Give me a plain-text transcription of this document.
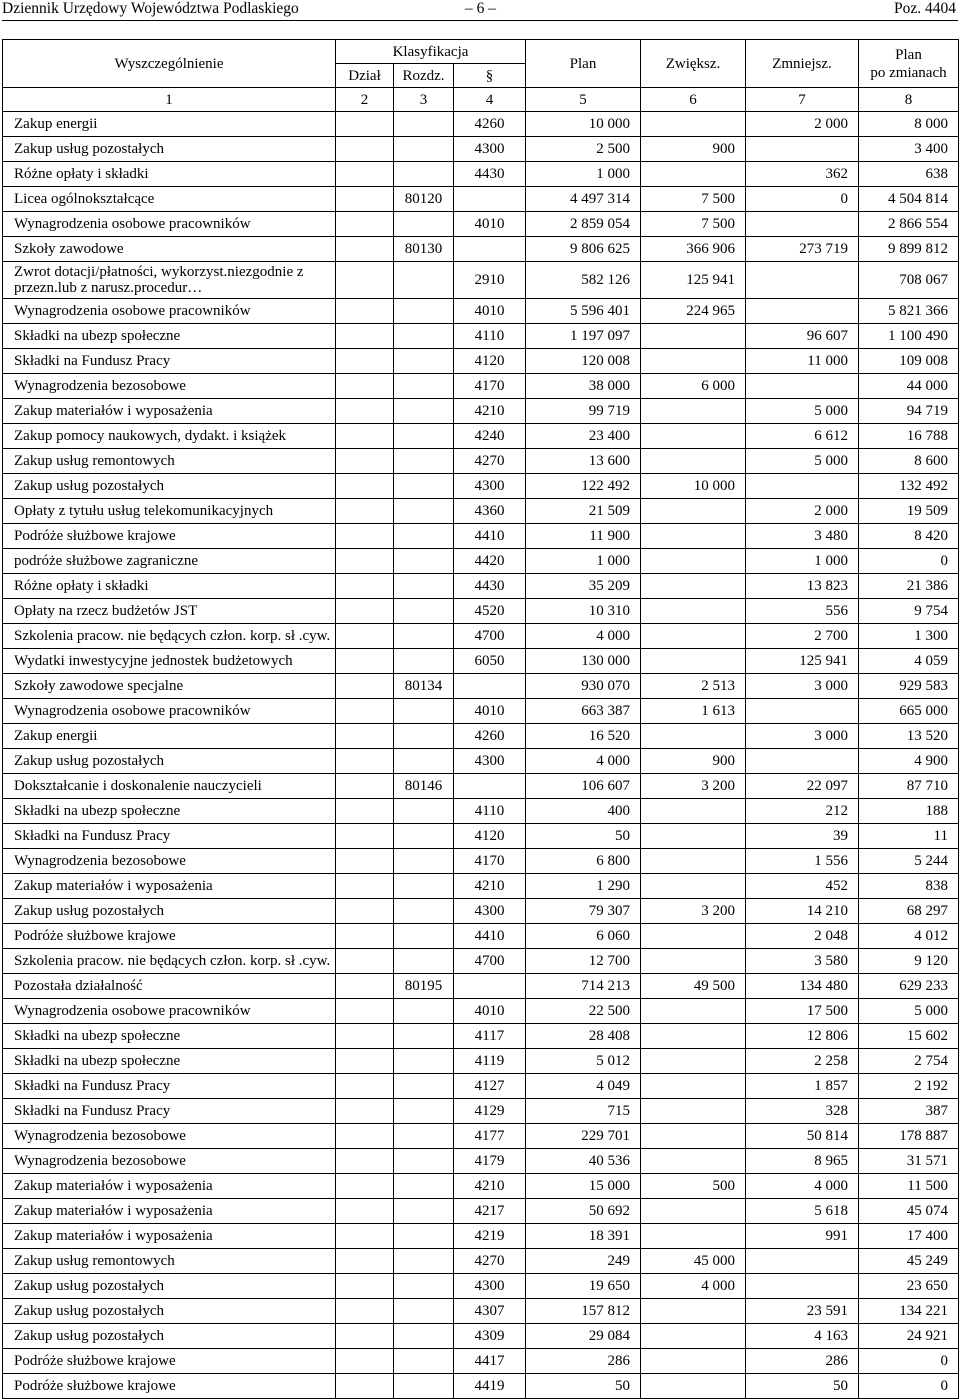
Dziennik Urzędowy Województwa Podlaskiego	– 6 –	Poz. 4404
Wyszczególnienie	Klasyfikacja			Plan	Zwiększ.	Zmniejsz.	Plan
po zmianach

	Dział	Rozdz.	§				
1	2	3	4	5	6	7	8
Zakup energii			4260	10 000		2 000	8 000
Zakup usług pozostałych			4300	2 500	900		3 400
Różne opłaty i składki			4430	1 000		362	638
Licea ogólnokształcące		80120		4 497 314	7 500	0	4 504 814
Wynagrodzenia osobowe pracowników			4010	2 859 054	7 500		2 866 554
Szkoły zawodowe		80130		9 806 625	366 906	273 719	9 899 812
Zwrot dotacji/płatności, wykorzyst.niezgodnie z przezn.lub z narusz.procedur…			2910	582 126	125 941		708 067
Wynagrodzenia osobowe pracowników			4010	5 596 401	224 965		5 821 366
Składki na ubezp społeczne			4110	1 197 097		96 607	1 100 490
Składki na Fundusz Pracy			4120	120 008		11 000	109 008
Wynagrodzenia bezosobowe			4170	38 000	6 000		44 000
Zakup materiałów i wyposażenia			4210	99 719		5 000	94 719
Zakup pomocy naukowych, dydakt. i książek			4240	23 400		6 612	16 788
Zakup usług remontowych			4270	13 600		5 000	8 600
Zakup usług pozostałych			4300	122 492	10 000		132 492
Opłaty z tytułu usług telekomunikacyjnych			4360	21 509		2 000	19 509
Podróże służbowe krajowe			4410	11 900		3 480	8 420
podróże służbowe zagraniczne			4420	1 000		1 000	0
Różne opłaty i składki			4430	35 209		13 823	21 386
Opłaty na rzecz budżetów JST			4520	10 310		556	9 754
Szkolenia pracow. nie będących człon. korp. sł .cyw.			4700	4 000		2 700	1 300
Wydatki inwestycyjne jednostek budżetowych			6050	130 000		125 941	4 059
Szkoły zawodowe specjalne		80134		930 070	2 513	3 000	929 583
Wynagrodzenia osobowe pracowników			4010	663 387	1 613		665 000
Zakup energii			4260	16 520		3 000	13 520
Zakup usług pozostałych			4300	4 000	900		4 900
Dokształcanie i doskonalenie nauczycieli		80146		106 607	3 200	22 097	87 710
Składki na ubezp społeczne			4110	400		212	188
Składki na Fundusz Pracy			4120	50		39	11
Wynagrodzenia bezosobowe			4170	6 800		1 556	5 244
Zakup materiałów i wyposażenia			4210	1 290		452	838
Zakup usług pozostałych			4300	79 307	3 200	14 210	68 297
Podróże służbowe krajowe			4410	6 060		2 048	4 012
Szkolenia pracow. nie będących człon. korp. sł .cyw.			4700	12 700		3 580	9 120
Pozostała działalność		80195		714 213	49 500	134 480	629 233
Wynagrodzenia osobowe pracowników			4010	22 500		17 500	5 000
Składki na ubezp społeczne			4117	28 408		12 806	15 602
Składki na ubezp społeczne			4119	5 012		2 258	2 754
Składki na Fundusz Pracy			4127	4 049		1 857	2 192
Składki na Fundusz Pracy			4129	715		328	387
Wynagrodzenia bezosobowe			4177	229 701		50 814	178 887
Wynagrodzenia bezosobowe			4179	40 536		8 965	31 571
Zakup materiałów i wyposażenia			4210	15 000	500	4 000	11 500
Zakup materiałów i wyposażenia			4217	50 692		5 618	45 074
Zakup materiałów i wyposażenia			4219	18 391		991	17 400
Zakup usług remontowych			4270	249	45 000		45 249
Zakup usług pozostałych			4300	19 650	4 000		23 650
Zakup usług pozostałych			4307	157 812		23 591	134 221
Zakup usług pozostałych			4309	29 084		4 163	24 921
Podróże służbowe krajowe			4417	286		286	0
Podróże służbowe krajowe			4419	50		50	0
